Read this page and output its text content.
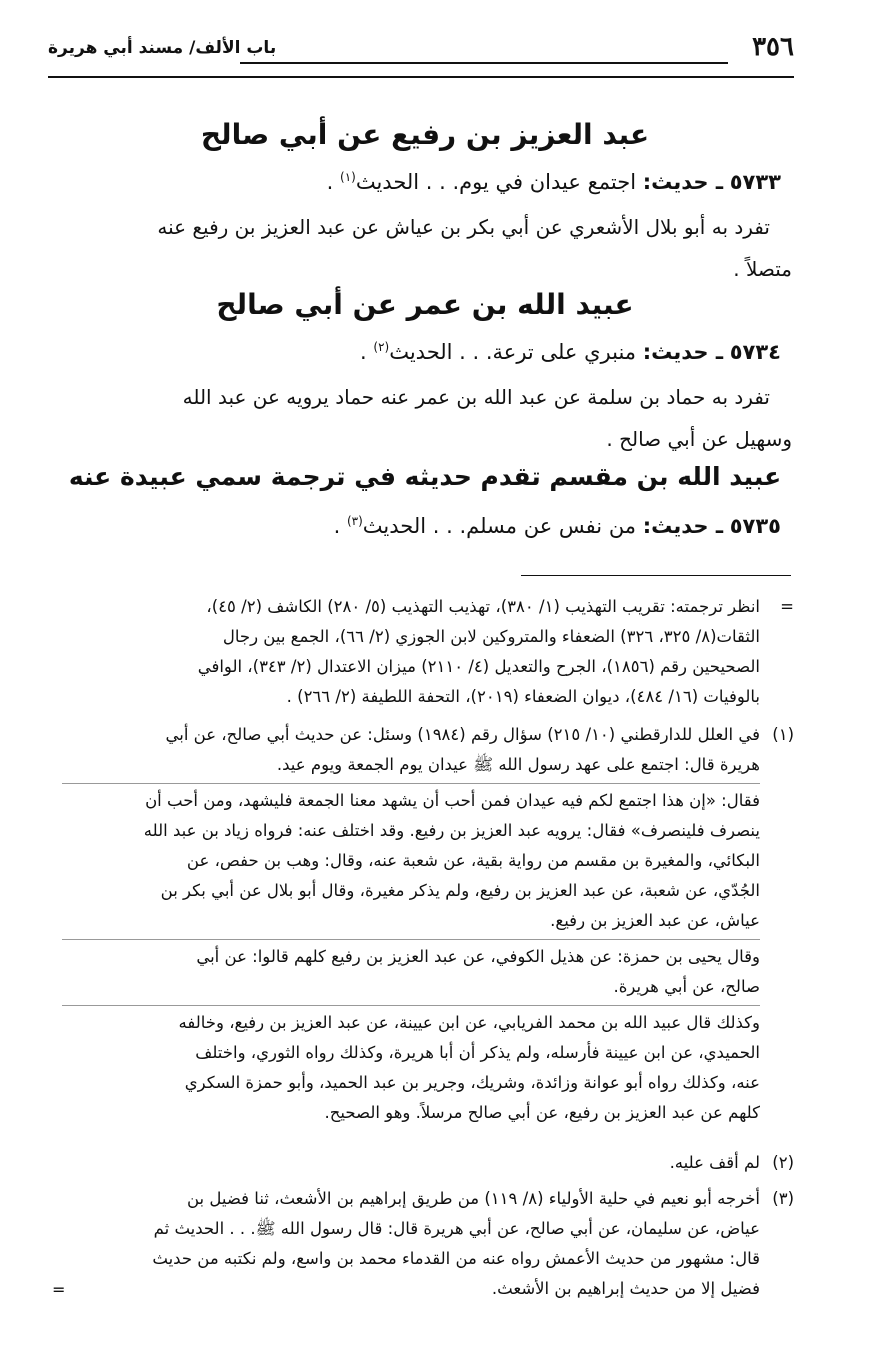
٣٥٦
باب الألف/ مسند أبي هريرة
عبد العزيز بن رفيع عن أبي صالح
٥٧٣٣ ـ حديث: اجتمع عيدان في يوم. . . الحديث$^{(١)}$ .
تفرد به أبو بلال الأشعري عن أبي بكر بن عياش عن عبد العزيز بن رفيع عنه
متصلاً .
عبيد الله بن عمر عن أبي صالح
٥٧٣٤ ـ حديث: منبري على ترعة. . . الحديث$^{(٢)}$ .
تفرد به حماد بن سلمة عن عبد الله بن عمر عنه حماد يرويه عن عبد الله
وسهيل عن أبي صالح .
عبيد الله بن مقسم تقدم حديثه في ترجمة سمي عبيدة عنه
٥٧٣٥ ـ حديث: من نفس عن مسلم. . . الحديث$^{(٣)}$ .
=
انظر ترجمته: تقريب التهذيب (١/ ٣٨٠)، تهذيب التهذيب (٥/ ٢٨٠) الكاشف (٢/ ٤٥)،
الثقات(٨/ ٣٢٥، ٣٢٦) الضعفاء والمتروكين لابن الجوزي (٢/ ٦٦)، الجمع بين رجال
الصحيحين رقم (١٨٥٦)، الجرح والتعديل (٤/ ٢١١٠) ميزان الاعتدال (٢/ ٣٤٣)، الوافي
بالوفيات (١٦/ ٤٨٤)، ديوان الضعفاء (٢٠١٩)، التحفة اللطيفة (٢/ ٢٦٦) .
(١)
في العلل للدارقطني (١٠/ ٢١٥) سؤال رقم (١٩٨٤) وسئل: عن حديث أبي صالح، عن أبي
هريرة قال: اجتمع على عهد رسول الله ﷺ عيدان يوم الجمعة ويوم عيد.
فقال: «إن هذا اجتمع لكم فيه عيدان فمن أحب أن يشهد معنا الجمعة فليشهد، ومن أحب أن
ينصرف فلينصرف» فقال: يرويه عبد العزيز بن رفيع. وقد اختلف عنه: فرواه زياد بن عبد الله
البكائي، والمغيرة بن مقسم من رواية بقية، عن شعبة عنه، وقال: وهب بن حفص، عن
الجُدّي، عن شعبة، عن عبد العزيز بن رفيع، ولم يذكر مغيرة، وقال أبو بلال عن أبي بكر بن
عياش، عن عبد العزيز بن رفيع.
وقال يحيى بن حمزة: عن هذيل الكوفي، عن عبد العزيز بن رفيع كلهم قالوا: عن أبي
صالح، عن أبي هريرة.
وكذلك قال عبيد الله بن محمد الفريابي، عن ابن عيينة، عن عبد العزيز بن رفيع، وخالفه
الحميدي، عن ابن عيينة فأرسله، ولم يذكر أن أبا هريرة، وكذلك رواه الثوري، واختلف
عنه، وكذلك رواه أبو عوانة وزائدة، وشريك، وجرير بن عبد الحميد، وأبو حمزة السكري
كلهم عن عبد العزيز بن رفيع، عن أبي صالح مرسلاً. وهو الصحيح.
(٢)
لم أقف عليه.
(٣)
أخرجه أبو نعيم في حلية الأولياء (٨/ ١١٩) من طريق إبراهيم بن الأشعث، ثنا فضيل بن
عياض، عن سليمان، عن أبي صالح، عن أبي هريرة قال: قال رسول الله ﷺ. . . الحديث ثم
قال: مشهور من حديث الأعمش رواه عنه من القدماء محمد بن واسع، ولم نكتبه من حديث
فضيل إلا من حديث إبراهيم بن الأشعث.
=
